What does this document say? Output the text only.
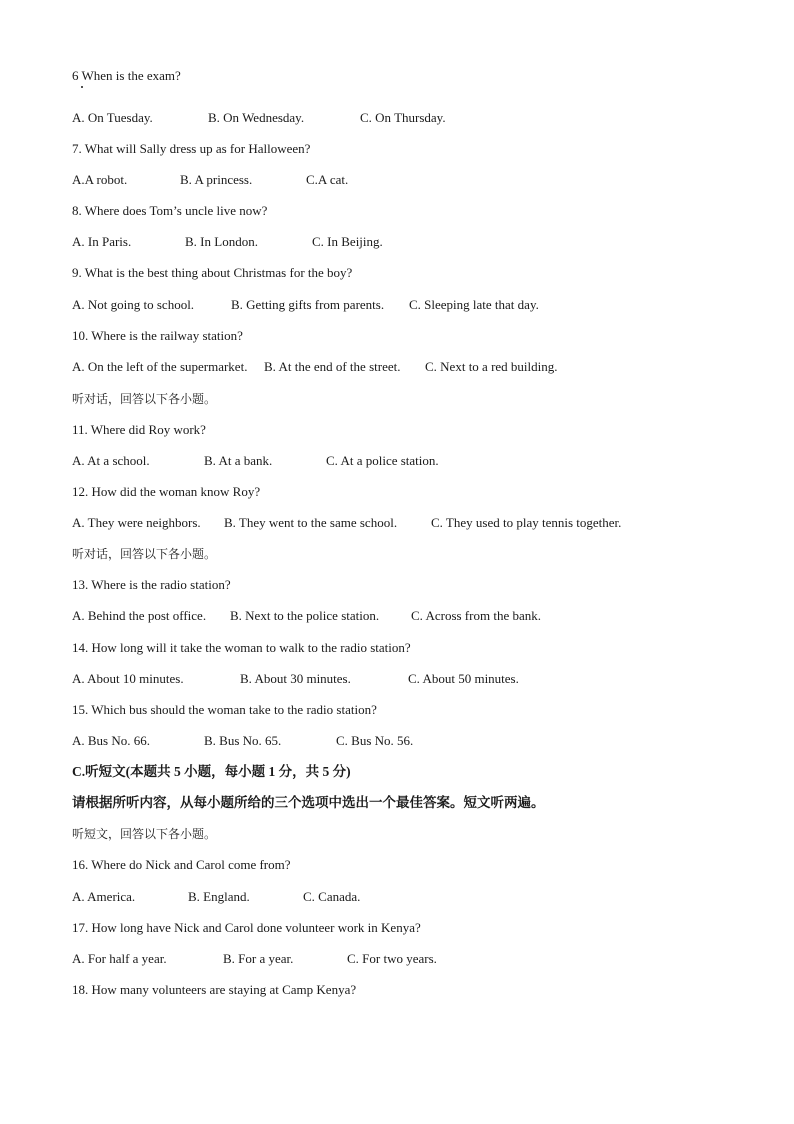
6 When is the exam?
A. On Tuesday.	B. On Wednesday.	C. On Thursday.
7. What will Sally dress up as for Halloween?
A.A robot.	B. A princess.	C.A cat.
8. Where does Tom’s uncle live now?
A. In Paris.	B. In London.	C. In Beijing.
9. What is the best thing about Christmas for the boy?
A. Not going to school.	B. Getting gifts from parents. C. Sleeping late that day.
10. Where is the railway station?
A. On the left of the supermarket. B. At the end of the street. C. Next to a red building.
听对话，回答以下各小题。
11. Where did Roy work?
A. At a school.	B. At a bank.	C. At a police station.
12. How did the woman know Roy?
A. They were neighbors. B. They went to the same school.	C. They used to play tennis together.
听对话，回答以下各小题。
13. Where is the radio station?
A. Behind the post office. B. Next to the police station. C. Across from the bank.
14. How long will it take the woman to walk to the radio station?
A. About 10 minutes.	B. About 30 minutes.	C. About 50 minutes.
15. Which bus should the woman take to the radio station?
A. Bus No. 66.	B. Bus No. 65.	C. Bus No. 56.
C.听短文(本题共 5 小题，每小题 1 分，共 5 分)
请根据所听内容，从每小题所给的三个选项中选出一个最佳答案。短文听两遍。
听短文，回答以下各小题。
16. Where do Nick and Carol come from?
A. America.	B. England.	C. Canada.
17. How long have Nick and Carol done volunteer work in Kenya?
A. For half a year.	B. For a year.	C. For two years.
18. How many volunteers are staying at Camp Kenya?
